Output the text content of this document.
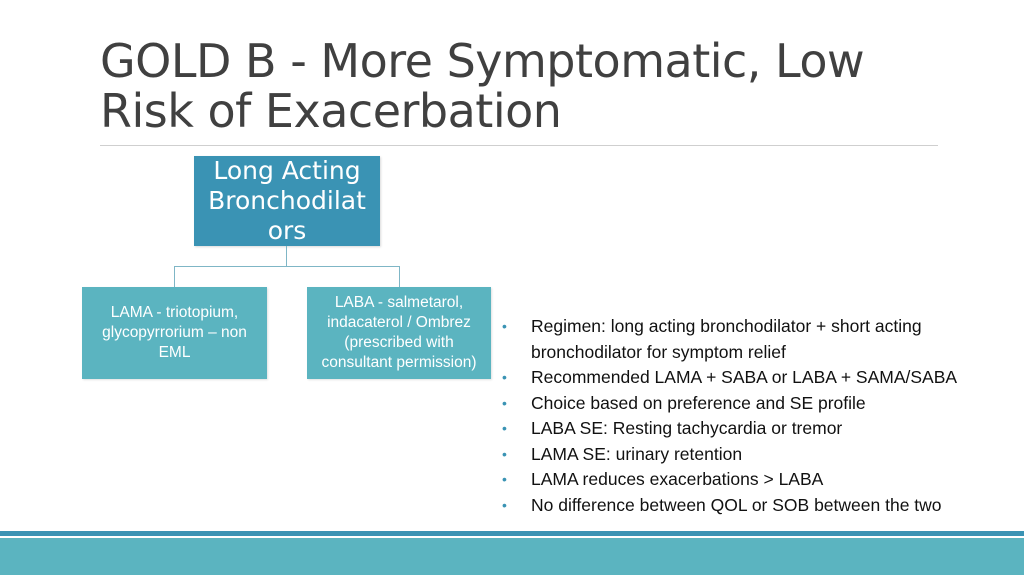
GOLD B - More Symptomatic, Low Risk of Exacerbation
Long Acting Bronchodilat ors
LAMA - triotopium, glycopyrrorium – non EML
LABA - salmetarol, indacaterol / Ombrez (prescribed with consultant permission)
• Regimen: long acting bronchodilator + short acting bronchodilator for symptom relief
• Recommended LAMA + SABA or LABA + SAMA/SABA
• Choice based on preference and SE profile
• LABA SE: Resting tachycardia or tremor
• LAMA SE: urinary retention
• LAMA reduces exacerbations > LABA
• No difference between QOL or SOB between the two
